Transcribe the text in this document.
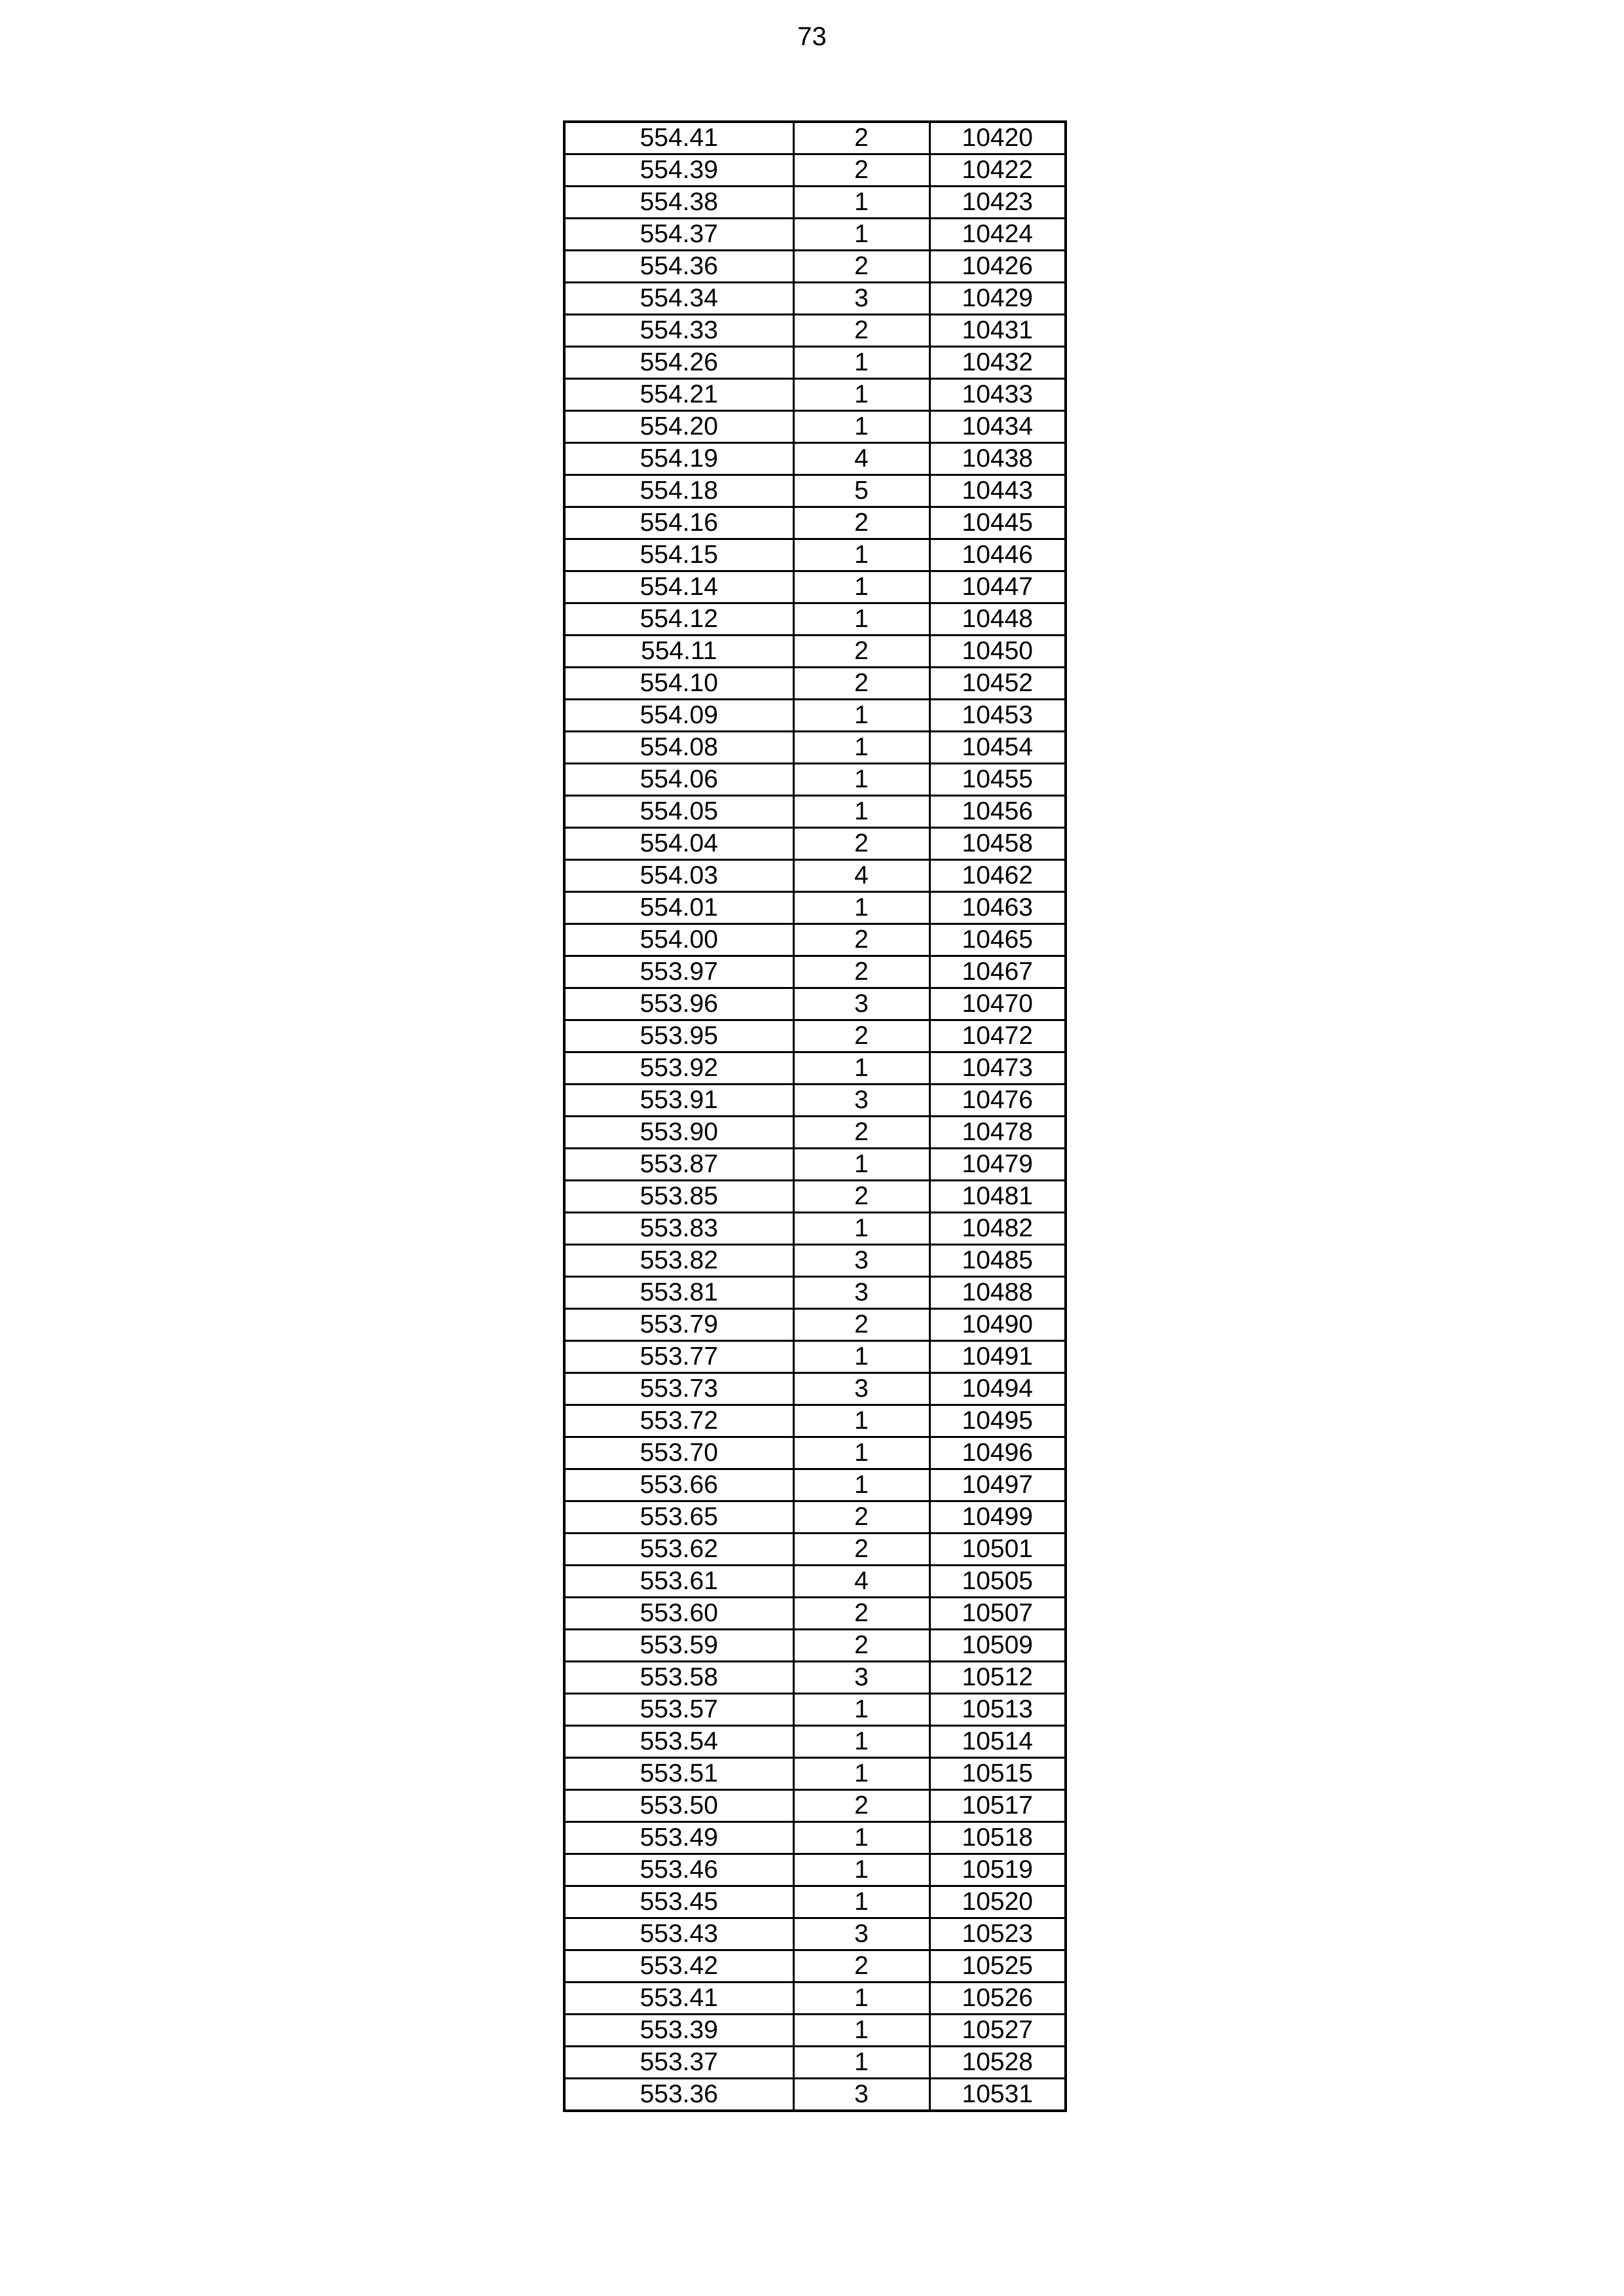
73
554.41	2	10420
554.39	2	10422
554.38	1	10423
554.37	1	10424
554.36	2	10426
554.34	3	10429
554.33	2	10431
554.26	1	10432
554.21	1	10433
554.20	1	10434
554.19	4	10438
554.18	5	10443
554.16	2	10445
554.15	1	10446
554.14	1	10447
554.12	1	10448
554.11	2	10450
554.10	2	10452
554.09	1	10453
554.08	1	10454
554.06	1	10455
554.05	1	10456
554.04	2	10458
554.03	4	10462
554.01	1	10463
554.00	2	10465
553.97	2	10467
553.96	3	10470
553.95	2	10472
553.92	1	10473
553.91	3	10476
553.90	2	10478
553.87	1	10479
553.85	2	10481
553.83	1	10482
553.82	3	10485
553.81	3	10488
553.79	2	10490
553.77	1	10491
553.73	3	10494
553.72	1	10495
553.70	1	10496
553.66	1	10497
553.65	2	10499
553.62	2	10501
553.61	4	10505
553.60	2	10507
553.59	2	10509
553.58	3	10512
553.57	1	10513
553.54	1	10514
553.51	1	10515
553.50	2	10517
553.49	1	10518
553.46	1	10519
553.45	1	10520
553.43	3	10523
553.42	2	10525
553.41	1	10526
553.39	1	10527
553.37	1	10528
553.36	3	10531
